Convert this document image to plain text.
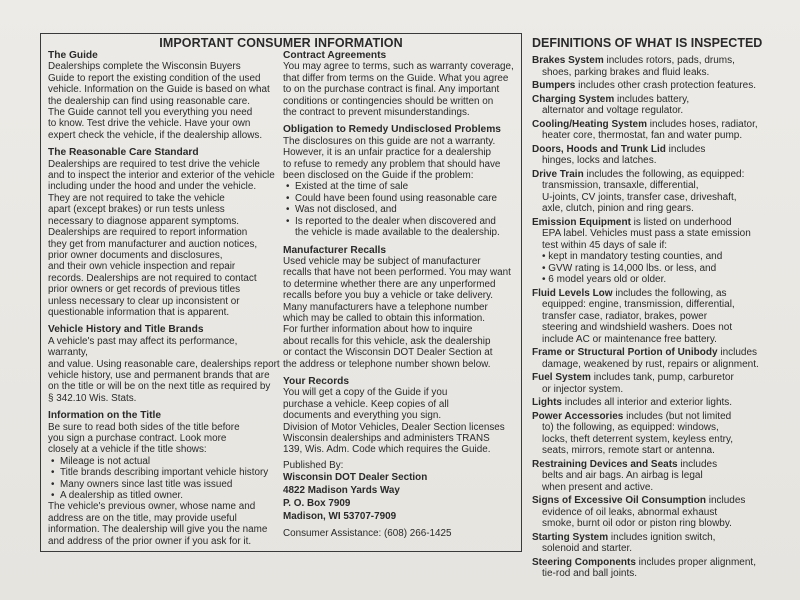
IMPORTANT CONSUMER INFORMATION

The Guide

Dealerships complete the Wisconsin Buyers

Guide to report the existing condition of the used

vehicle. Information on the Guide is based on what

the dealership can find using reasonable care.

The Guide cannot tell you everything you need

to know. Test drive the vehicle. Have your own

expert check the vehicle, if the dealership allows.

The Reasonable Care Standard

Dealerships are required to test drive the vehicle

and to inspect the interior and exterior of the vehicle

including under the hood and under the vehicle.

They are not required to take the vehicle

apart (except brakes) or run tests unless

necessary to diagnose apparent symptoms.

Dealerships are required to report information

they get from manufacturer and auction notices,

prior owner documents and disclosures,

and their own vehicle inspection and repair

records. Dealerships are not required to contact

prior owners or get records of previous titles

unless necessary to clear up inconsistent or

questionable information that is apparent.

Vehicle History and Title Brands

A vehicle's past may affect its performance, warranty,

and value. Using reasonable care, dealerships report

vehicle history, use and permanent brands that are

on the title or will be on the next title as required by

§ 342.10 Wis. Stats.

Information on the Title

Be sure to read both sides of the title before

you sign a purchase contract. Look more

closely at a vehicle if the title shows:

• Mileage is not actual
• Title brands describing important vehicle history
• Many owners since last title was issued
• A dealership as titled owner.

The vehicle's previous owner, whose name and

address are on the title, may provide useful

information. The dealership will give you the name

and address of the prior owner if you ask for it.

Contract Agreements

You may agree to terms, such as warranty coverage,

that differ from terms on the Guide. What you agree

to on the purchase contract is final. Any important

conditions or contingencies should be written on

the contract to prevent misunderstandings.

Obligation to Remedy Undisclosed Problems

The disclosures on this guide are not a warranty.

However, it is an unfair practice for a dealership

to refuse to remedy any problem that should have

been disclosed on the Guide if the problem:

• Existed at the time of sale
• Could have been found using reasonable care
• Was not disclosed, and
• Is reported to the dealer when discovered and

the vehicle is made available to the dealership.

Manufacturer Recalls

Used vehicle may be subject of manufacturer

recalls that have not been performed. You may want

to determine whether there are any unperformed

recalls before you buy a vehicle or take delivery.

Many manufacturers have a telephone number

which may be called to obtain this information.

For further information about how to inquire

about recalls for this vehicle, ask the dealership

or contact the Wisconsin DOT Dealer Section at

the address or telephone number shown below.

Your Records

You will get a copy of the Guide if you

purchase a vehicle. Keep copies of all

documents and everything you sign.

Division of Motor Vehicles, Dealer Section licenses

Wisconsin dealerships and administers TRANS

139, Wis. Adm. Code which requires the Guide.

Published By:

Wisconsin DOT Dealer Section

4822 Madison Yards Way

P. O. Box 7909

Madison, WI 53707-7909

Consumer Assistance: (608) 266-1425

DEFINITIONS OF WHAT IS INSPECTED
Brakes System includes rotors, pads, drums,
shoes, parking brakes and fluid leaks.
Bumpers includes other crash protection features.
Charging System includes battery,
alternator and voltage regulator.
Cooling/Heating System includes hoses, radiator,
heater core, thermostat, fan and water pump.
Doors, Hoods and Trunk Lid includes
hinges, locks and latches.
Drive Train includes the following, as equipped:
transmission, transaxle, differential,
U-joints, CV joints, transfer case, driveshaft,
axle, clutch, pinion and ring gears.
Emission Equipment is listed on underhood
EPA label. Vehicles must pass a state emission
test within 45 days of sale if:
• kept in mandatory testing counties, and
• GVW rating is 14,000 lbs. or less, and
• 6 model years old or older.
Fluid Levels Low includes the following, as
equipped: engine, transmission, differential,
transfer case, radiator, brakes, power
steering and windshield washers. Does not
include AC or maintenance free battery.
Frame or Structural Portion of Unibody includes
damage, weakened by rust, repairs or alignment.
Fuel System includes tank, pump, carburetor
or injector system.
Lights includes all interior and exterior lights.
Power Accessories includes (but not limited
to) the following, as equipped: windows,
locks, theft deterrent system, keyless entry,
seats, mirrors, remote start or antenna.
Restraining Devices and Seats includes
belts and air bags. An airbag is legal
when present and active.
Signs of Excessive Oil Consumption includes
evidence of oil leaks, abnormal exhaust
smoke, burnt oil odor or piston ring blowby.
Starting System includes ignition switch,
solenoid and starter.
Steering Components includes proper alignment,
tie-rod and ball joints.
